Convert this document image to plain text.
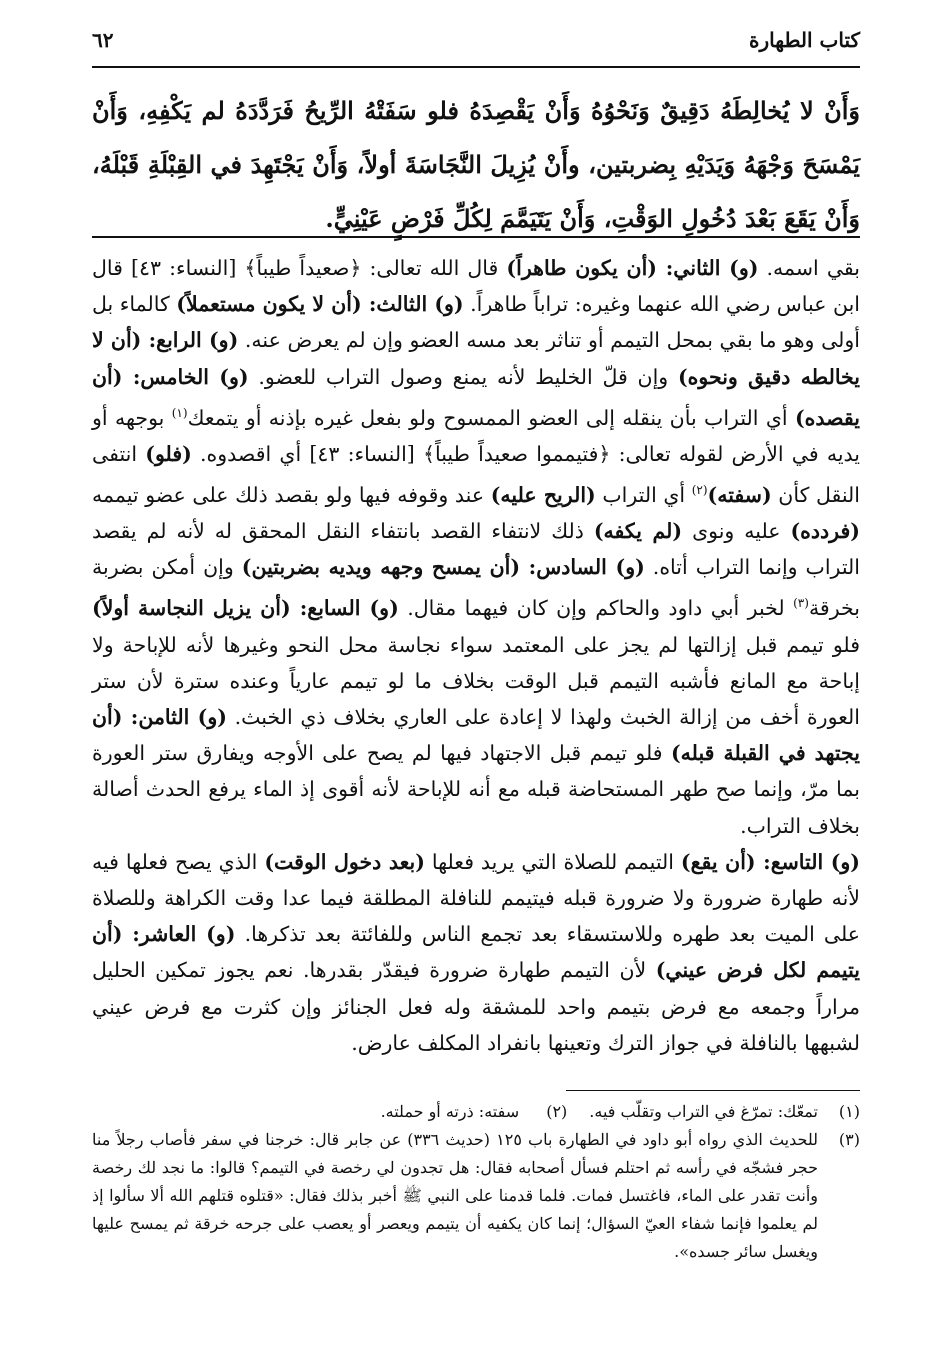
كتاب الطهارة
٦٢
وَأَنْ لا يُخالِطَهُ دَقِيقٌ وَنَحْوُهُ وَأَنْ يَقْصِدَهُ فلو سَفَتْهُ الرِّيحُ فَرَدَّدَهُ لم يَكْفِهِ، وَأَنْ يَمْسَحَ وَجْهَهُ وَيَدَيْهِ بِضربتين، وأَنْ يُزِيلَ النَّجَاسَةَ أولاً، وَأَنْ يَجْتَهِدَ في القِبْلَةِ قَبْلَهُ، وَأَنْ يَقَعَ بَعْدَ دُخُولِ الوَقْتِ، وَأَنْ يَتَيَمَّمَ لِكُلِّ فَرْضٍ عَيْنِيٍّ.

بقي اسمه. (و) الثاني: (أن يكون طاهراً) قال الله تعالى: ﴿صعيداً طيباً﴾ [النساء: ٤٣] قال ابن عباس رضي الله عنهما وغيره: تراباً طاهراً. (و) الثالث: (أن لا يكون مستعملاً) كالماء بل أولى وهو ما بقي بمحل التيمم أو تناثر بعد مسه العضو وإن لم يعرض عنه. (و) الرابع: (أن لا يخالطه دقيق ونحوه) وإن قلّ الخليط لأنه يمنع وصول التراب للعضو. (و) الخامس: (أن يقصده) أي التراب بأن ينقله إلى العضو الممسوح ولو بفعل غيره بإذنه أو يتمعك$^{(١)}$ بوجهه أو يديه في الأرض لقوله تعالى: ﴿فتيمموا صعيداً طيباً﴾ [النساء: ٤٣] أي اقصدوه. (فلو) انتفى النقل كأن (سفته)$^{(٢)}$ أي التراب (الريح عليه) عند وقوفه فيها ولو بقصد ذلك على عضو تيممه (فردده) عليه ونوى (لم يكفه) ذلك لانتفاء القصد بانتفاء النقل المحقق له لأنه لم يقصد التراب وإنما التراب أتاه. (و) السادس: (أن يمسح وجهه ويديه بضربتين) وإن أمكن بضربة بخرقة$^{(٣)}$ لخبر أبي داود والحاكم وإن كان فيهما مقال. (و) السابع: (أن يزيل النجاسة أولاً) فلو تيمم قبل إزالتها لم يجز على المعتمد سواء نجاسة محل النحو وغيرها لأنه للإباحة ولا إباحة مع المانع فأشبه التيمم قبل الوقت بخلاف ما لو تيمم عارياً وعنده سترة لأن ستر العورة أخف من إزالة الخبث ولهذا لا إعادة على العاري بخلاف ذي الخبث. (و) الثامن: (أن يجتهد في القبلة قبله) فلو تيمم قبل الاجتهاد فيها لم يصح على الأوجه ويفارق ستر العورة بما مرّ، وإنما صح طهر المستحاضة قبله مع أنه للإباحة لأنه أقوى إذ الماء يرفع الحدث أصالة بخلاف التراب.

(و) التاسع: (أن يقع) التيمم للصلاة التي يريد فعلها (بعد دخول الوقت) الذي يصح فعلها فيه لأنه طهارة ضرورة ولا ضرورة قبله فيتيمم للنافلة المطلقة فيما عدا وقت الكراهة وللصلاة على الميت بعد طهره وللاستسقاء بعد تجمع الناس وللفائتة بعد تذكرها. (و) العاشر: (أن يتيمم لكل فرض عيني) لأن التيمم طهارة ضرورة فيقدّر بقدرها. نعم يجوز تمكين الحليل مراراً وجمعه مع فرض بتيمم واحد للمشقة وله فعل الجنائز وإن كثرت مع فرض عيني لشبهها بالنافلة في جواز الترك وتعينها بانفراد المكلف عارض.

(١)
تمعّك: تمرّغ في التراب وتقلّب فيه.(٢) سفته: ذرته أو حملته.
(٣)
للحديث الذي رواه أبو داود في الطهارة باب ١٢٥ (حديث ٣٣٦) عن جابر قال: خرجنا في سفر فأصاب رجلاً منا حجر فشجّه في رأسه ثم احتلم فسأل أصحابه فقال: هل تجدون لي رخصة في التيمم؟ قالوا: ما نجد لك رخصة وأنت تقدر على الماء، فاغتسل فمات. فلما قدمنا على النبي ﷺ أخبر بذلك فقال: «قتلوه قتلهم الله ألا سألوا إذ لم يعلموا فإنما شفاء العيّ السؤال؛ إنما كان يكفيه أن يتيمم ويعصر أو يعصب على جرحه خرقة ثم يمسح عليها ويغسل سائر جسده».
